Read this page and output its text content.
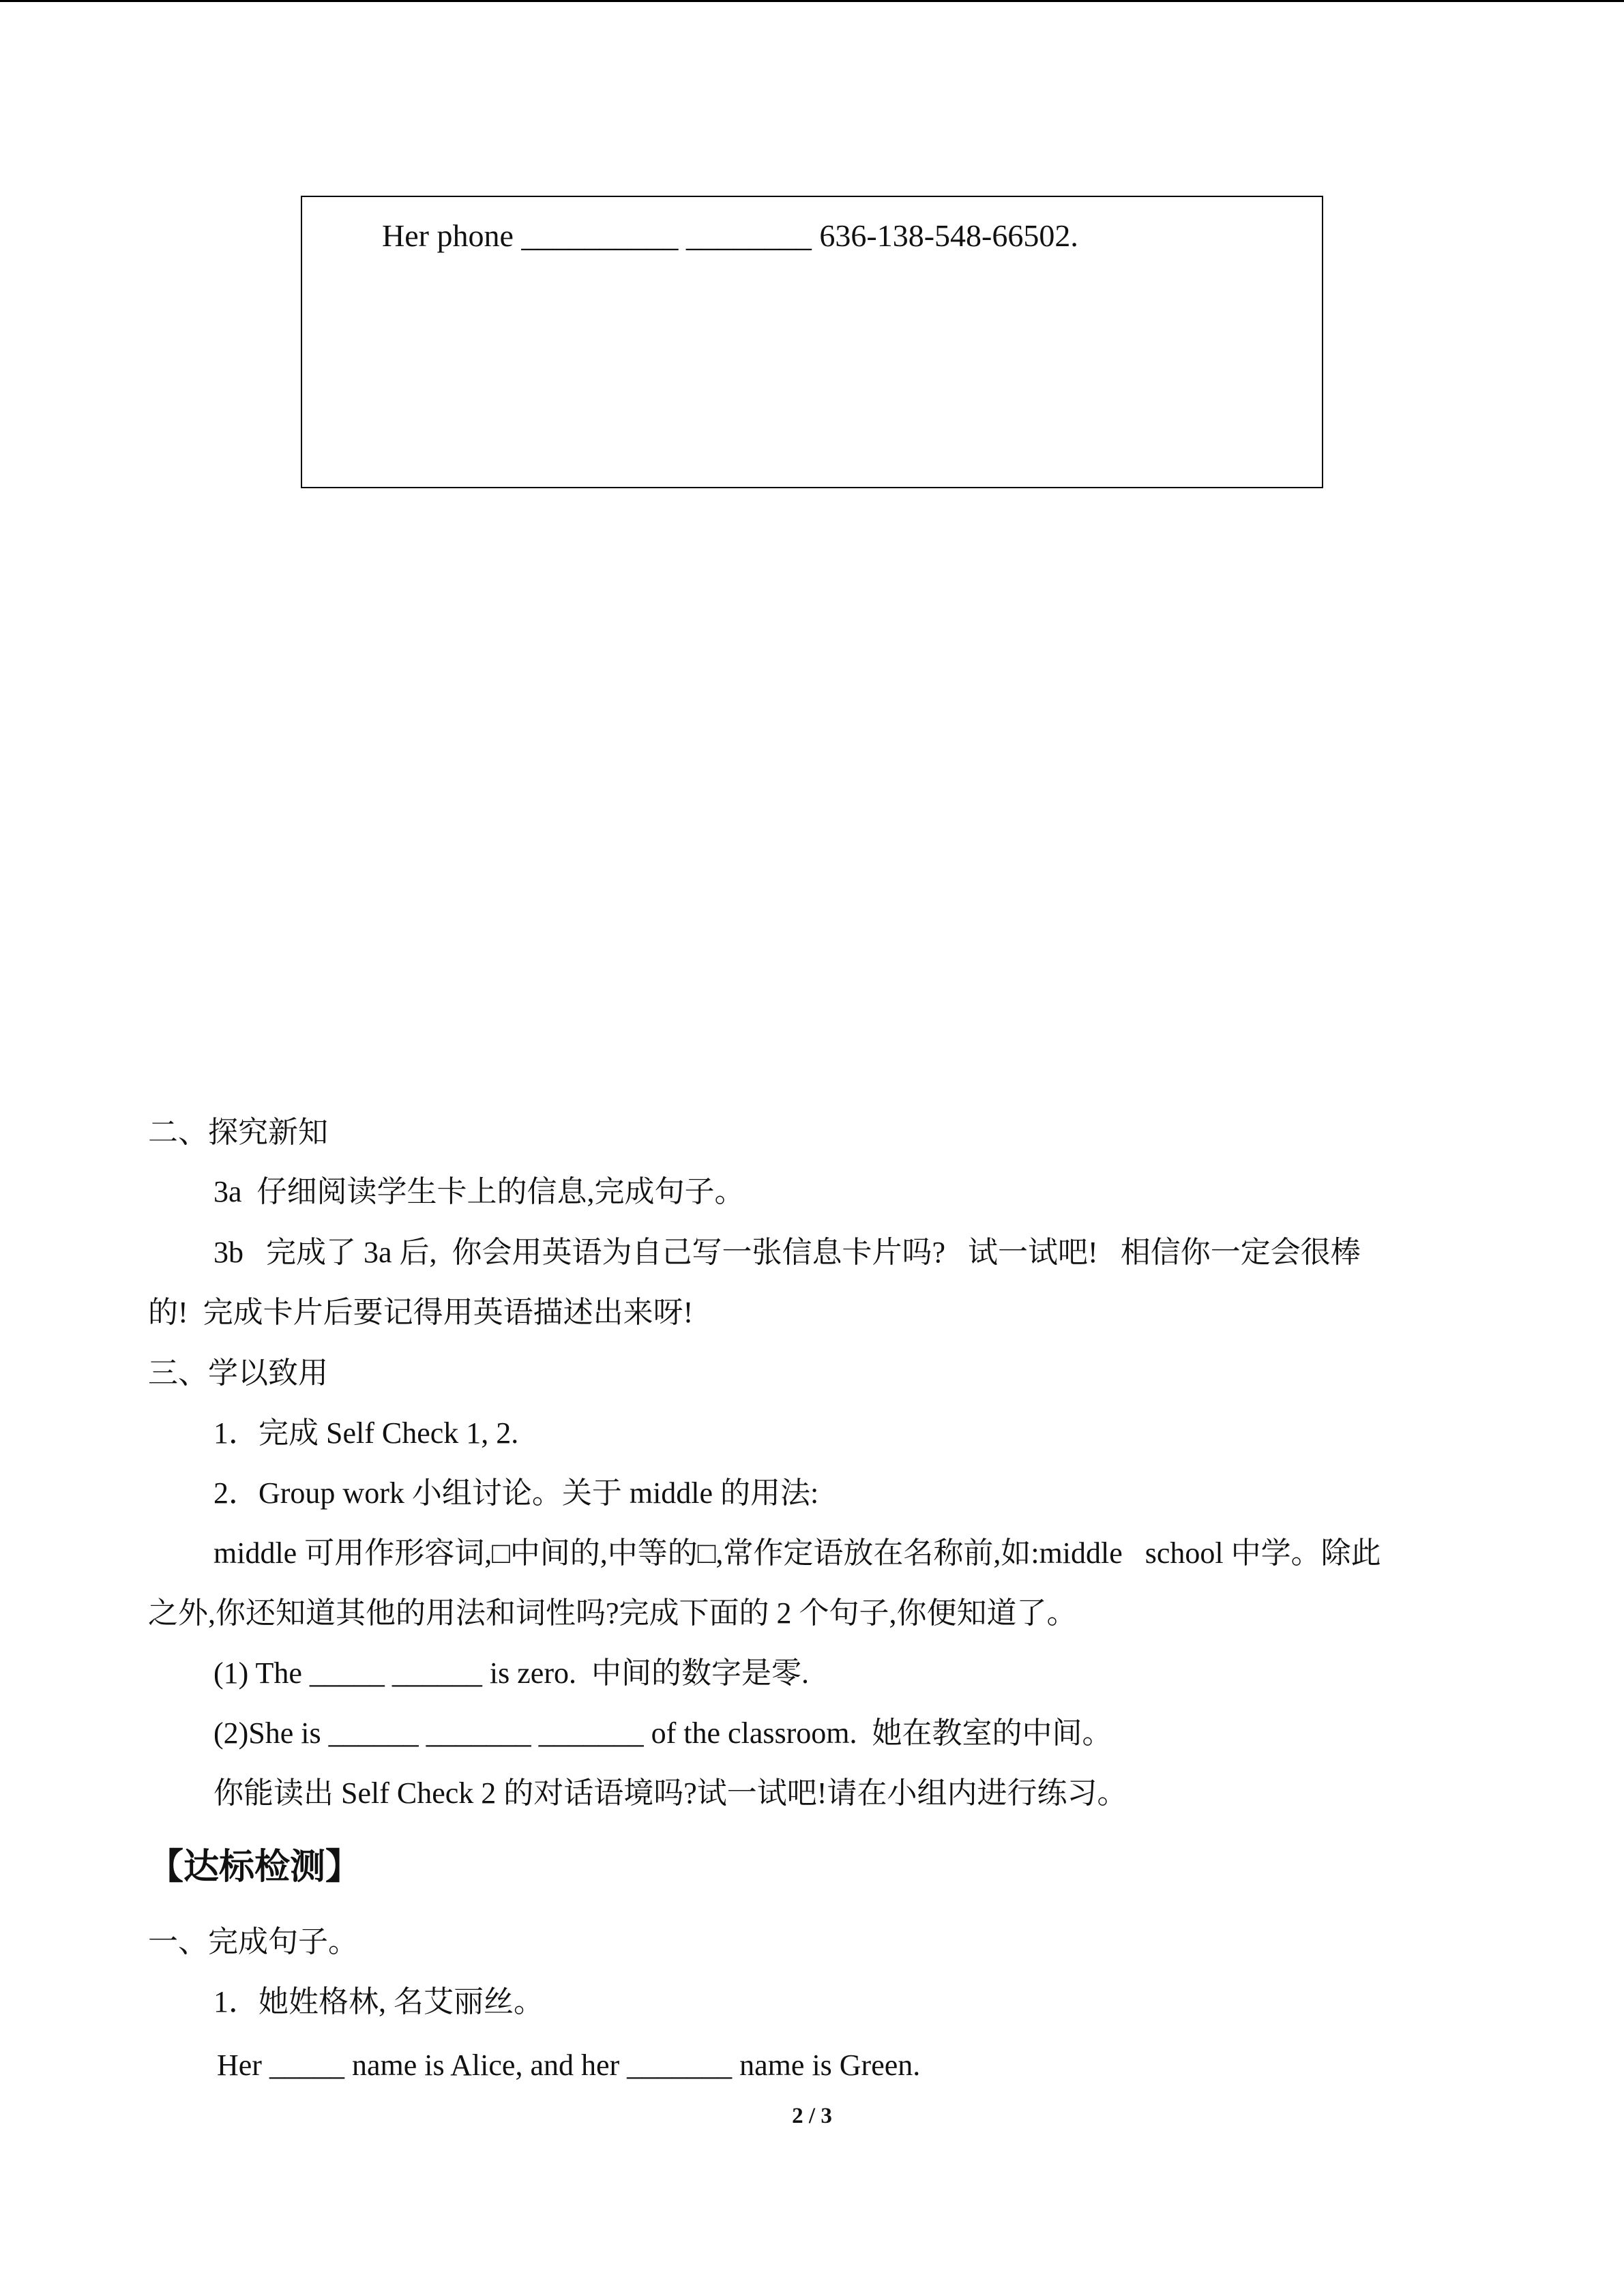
Her phone __________ ________ 636-138-548-66502.
二、探究新知
3a  仔细阅读学生卡上的信息,完成句子。
3b   完成了 3a 后,  你会用英语为自己写一张信息卡片吗?   试一试吧!   相信你一定会很棒
的!  完成卡片后要记得用英语描述出来呀!
三、学以致用
1．完成 Self Check 1, 2.
2．Group work 小组讨论。关于 middle 的用法:
middle 可用作形容词,□中间的,中等的□,常作定语放在名称前,如:middle   school 中学。除此
之外,你还知道其他的用法和词性吗?完成下面的 2 个句子,你便知道了。
(1) The _____ ______ is zero.  中间的数字是零.
(2)She is ______ _______ _______ of the classroom.  她在教室的中间。
你能读出 Self Check 2 的对话语境吗?试一试吧!请在小组内进行练习。
【达标检测】
一、完成句子。
1．她姓格林, 名艾丽丝。
Her _____ name is Alice, and her _______ name is Green.
2 / 3
